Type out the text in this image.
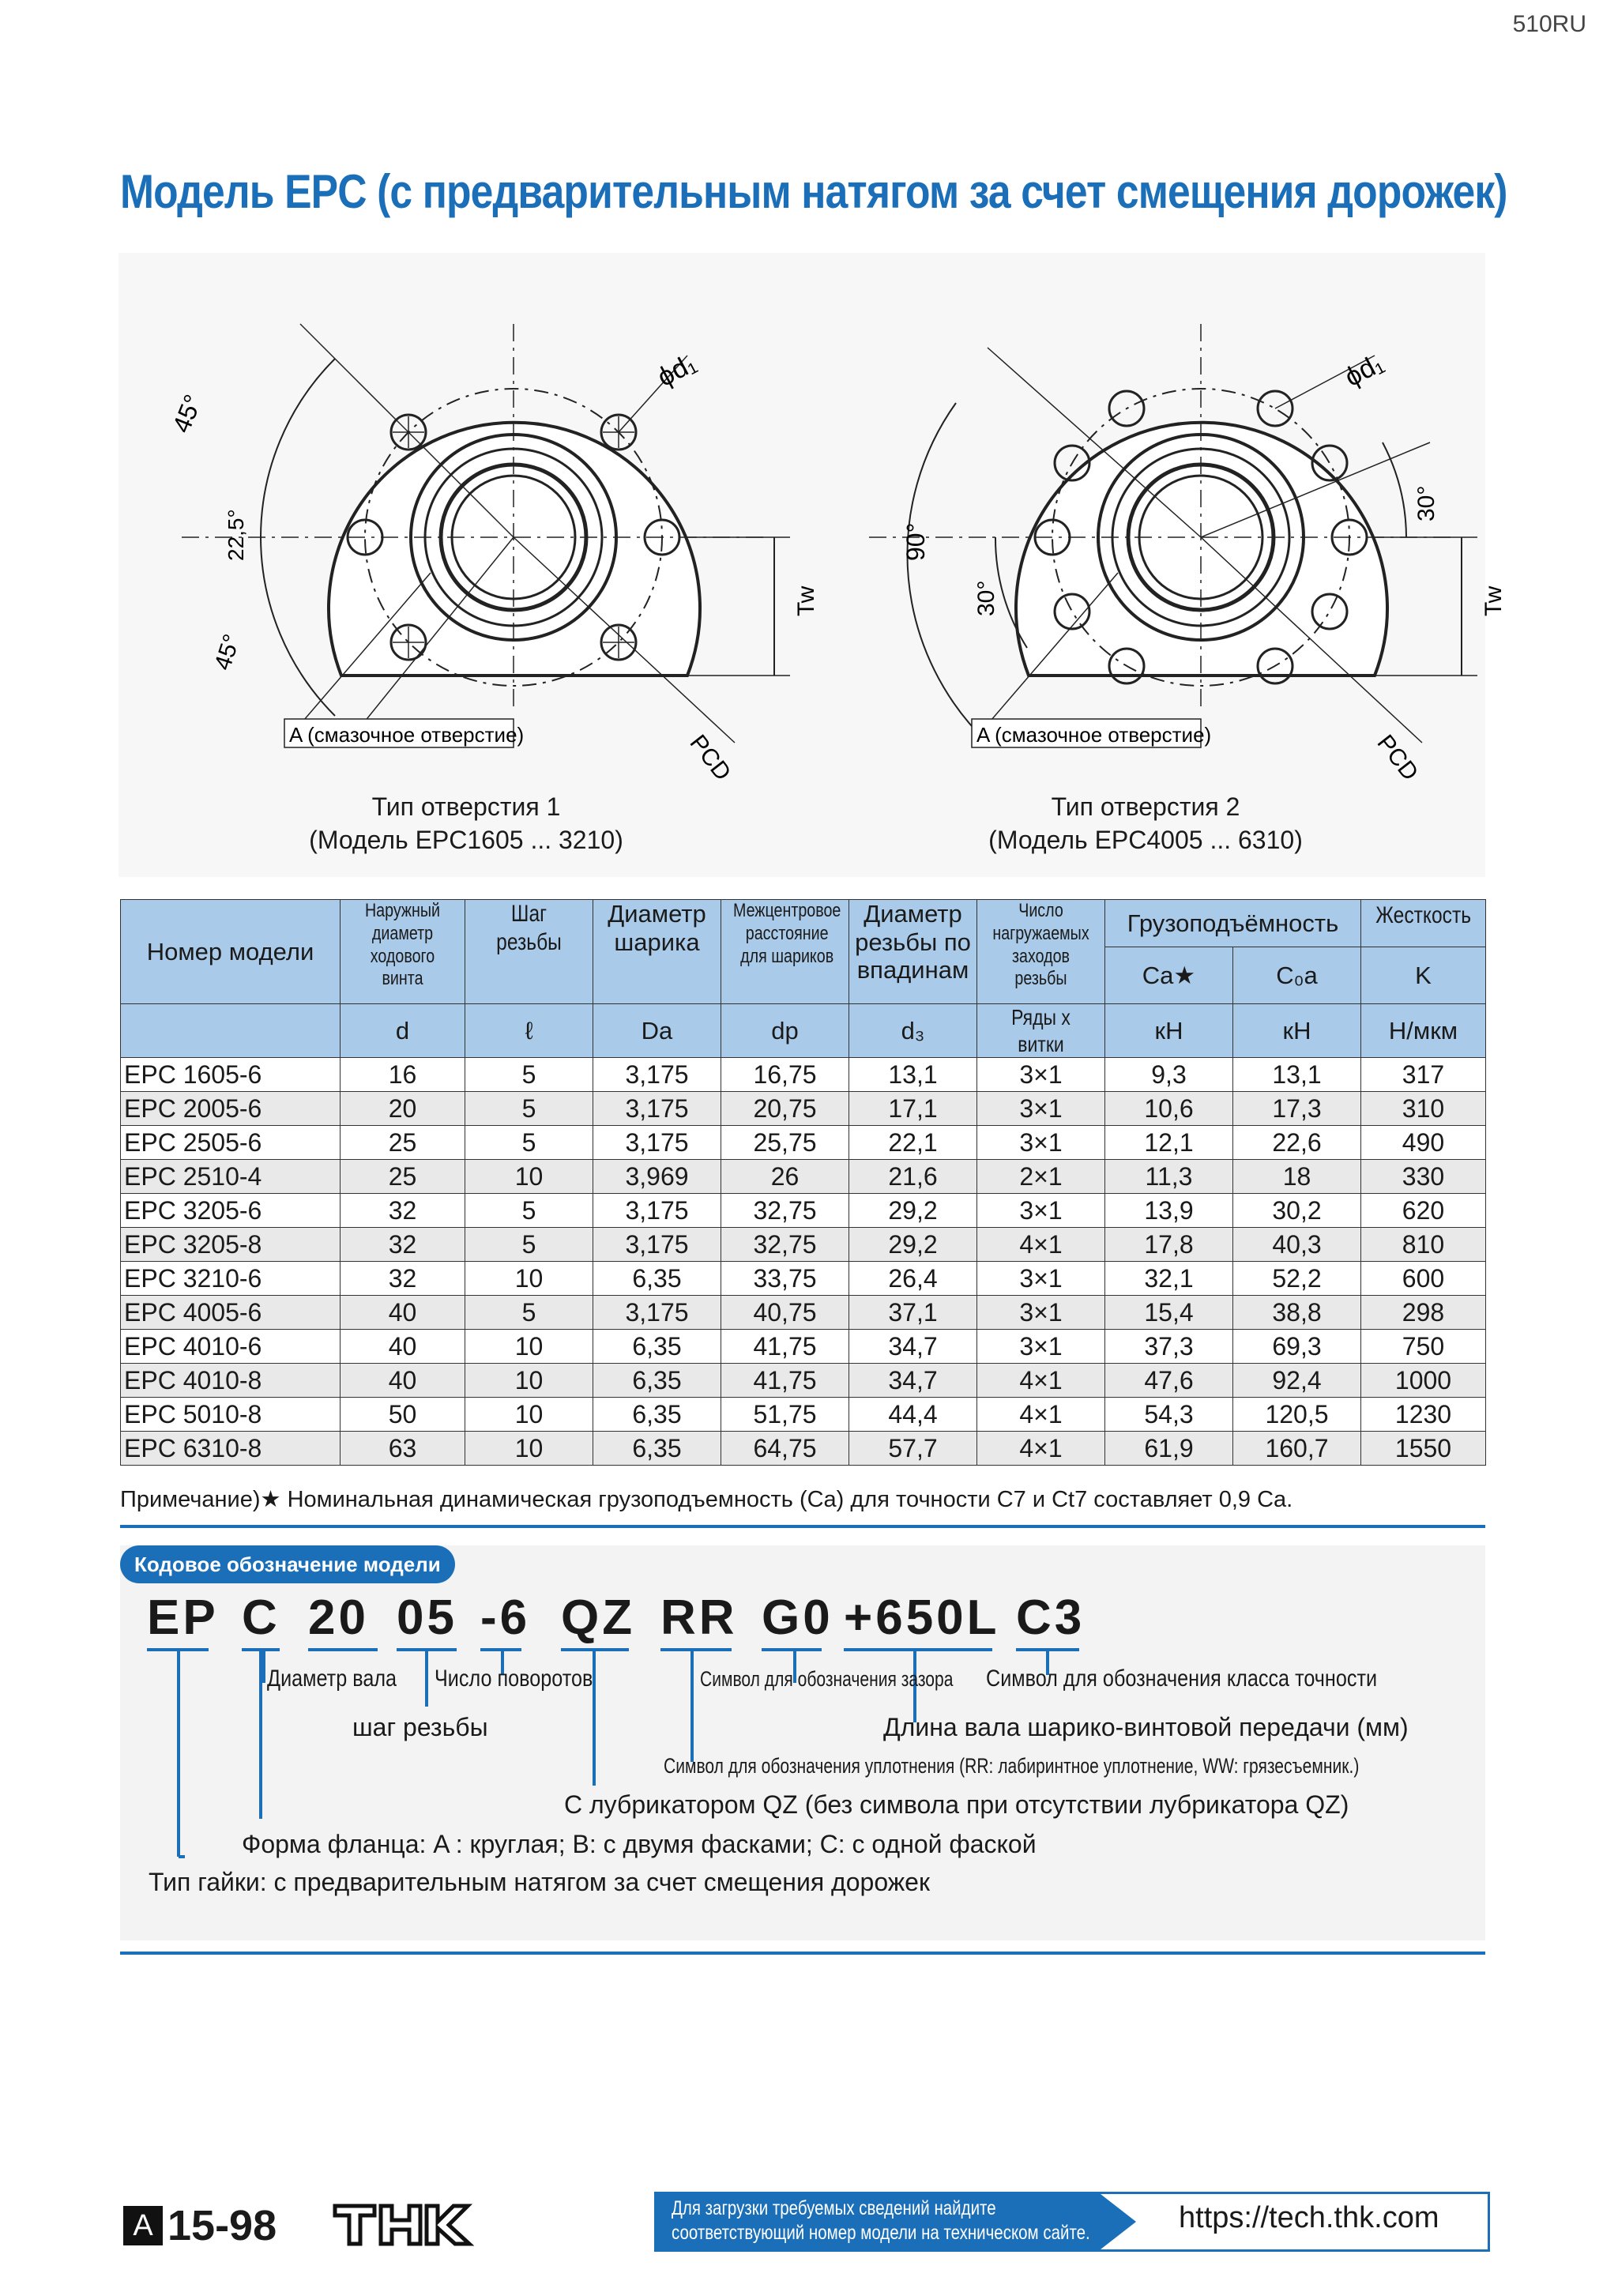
510RU
Модель EPC (с предварительным натягом за счет смещения дорожек)
45°
22,5°
45°
ϕd₁
Tw
PCD
A (смазочное отверстие)
90°
30°
30°
ϕd₁
Tw
PCD
A (смазочное отверстие)
Тип отверстия 1
(Модель EPC1605 ... 3210)
Тип отверстия 2
(Модель EPC4005 ... 6310)
Номер модели	Наружный диаметр ходового винта	Шаг резьбы	Диаметр шарика	Межцентровое расстояние для шариков	Диаметр резьбы по впадинам	Число нагружаемых заходов резьбы	Грузоподъёмность		Жесткость
							Ca★	C₀a	K
	d	ℓ	Da	dp	d₃	Ряды x витки	кН	кН	Н/мкм
EPC 1605-6	16	5	3,175	16,75	13,1	3×1	9,3	13,1	317
EPC 2005-6	20	5	3,175	20,75	17,1	3×1	10,6	17,3	310
EPC 2505-6	25	5	3,175	25,75	22,1	3×1	12,1	22,6	490
EPC 2510-4	25	10	3,969	26	21,6	2×1	11,3	18	330
EPC 3205-6	32	5	3,175	32,75	29,2	3×1	13,9	30,2	620
EPC 3205-8	32	5	3,175	32,75	29,2	4×1	17,8	40,3	810
EPC 3210-6	32	10	6,35	33,75	26,4	3×1	32,1	52,2	600
EPC 4005-6	40	5	3,175	40,75	37,1	3×1	15,4	38,8	298
EPC 4010-6	40	10	6,35	41,75	34,7	3×1	37,3	69,3	750
EPC 4010-8	40	10	6,35	41,75	34,7	4×1	47,6	92,4	1000
EPC 5010-8	50	10	6,35	51,75	44,4	4×1	54,3	120,5	1230
EPC 6310-8	63	10	6,35	64,75	57,7	4×1	61,9	160,7	1550
Примечание)★ Номинальная динамическая грузоподъемность (Ca) для точности C7 и Ct7 составляет 0,9 Ca.
Кодовое обозначение модели
EP C 20 05 -6 QZ RR G0 +650L C3
Диаметр вала Число поворотов	Символ для обозначения зазора Символ для обозначения класса точности
шаг резьбы	Длина вала шарико-винтовой передачи (мм)
Символ для обозначения уплотнения (RR: лабиринтное уплотнение, WW: грязесъемник.)
С лубрикатором QZ (без символа при отсутствии лубрикатора QZ)
Форма фланца: A : круглая; B: с двумя фасками; C: с одной фаской
Тип гайки: с предварительным натягом за счет смещения дорожек
A 15-98
THK	Для загрузки требуемых сведений найдите
соответствующий номер модели на техническом сайте.	https://tech.thk.com
